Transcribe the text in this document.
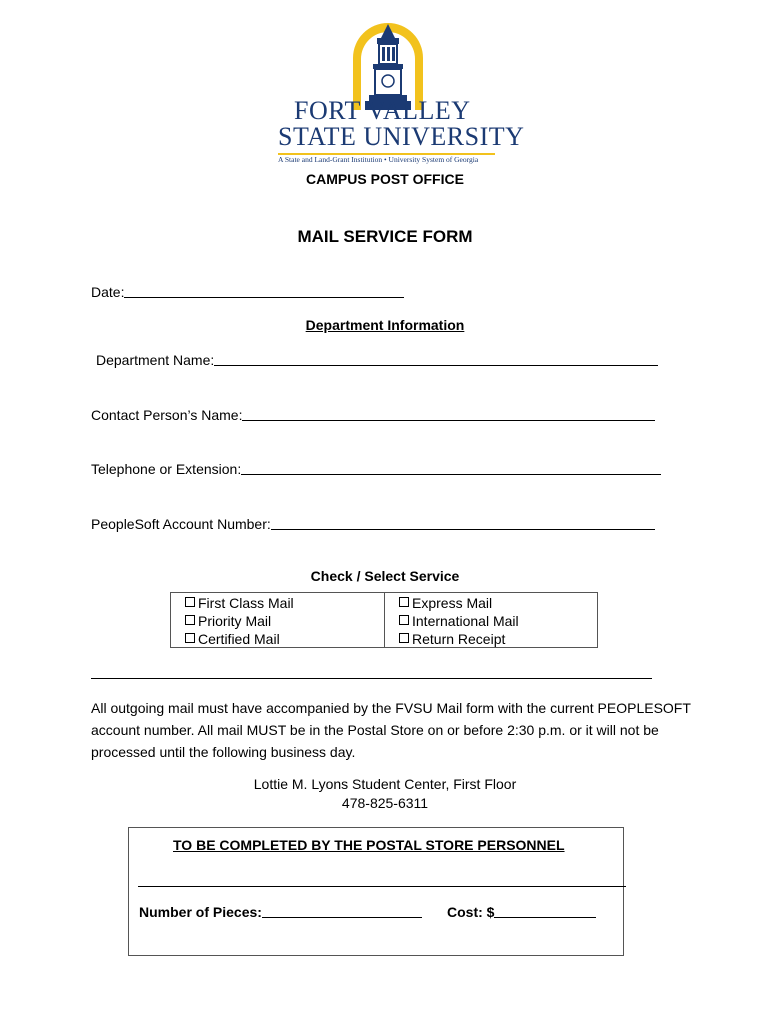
FORT VALLEY
STATE UNIVERSITY
A State and Land-Grant Institution • University System of Georgia
CAMPUS POST OFFICE
MAIL SERVICE FORM
Date:
Department Information
Department Name:
Contact Person’s Name:
Telephone or Extension:
PeopleSoft Account Number:
Check / Select Service
First Class Mail
Priority Mail
Certified Mail
Express Mail
International Mail
Return Receipt
All outgoing mail must have accompanied by the FVSU Mail form with the current PEOPLESOFT account number. All mail MUST be in the Postal Store on or before 2:30 p.m. or it will not be processed until the following business day.
Lottie M. Lyons Student Center, First Floor
478-825-6311
TO BE COMPLETED BY THE POSTAL STORE PERSONNEL
Number of Pieces:	Cost: $
